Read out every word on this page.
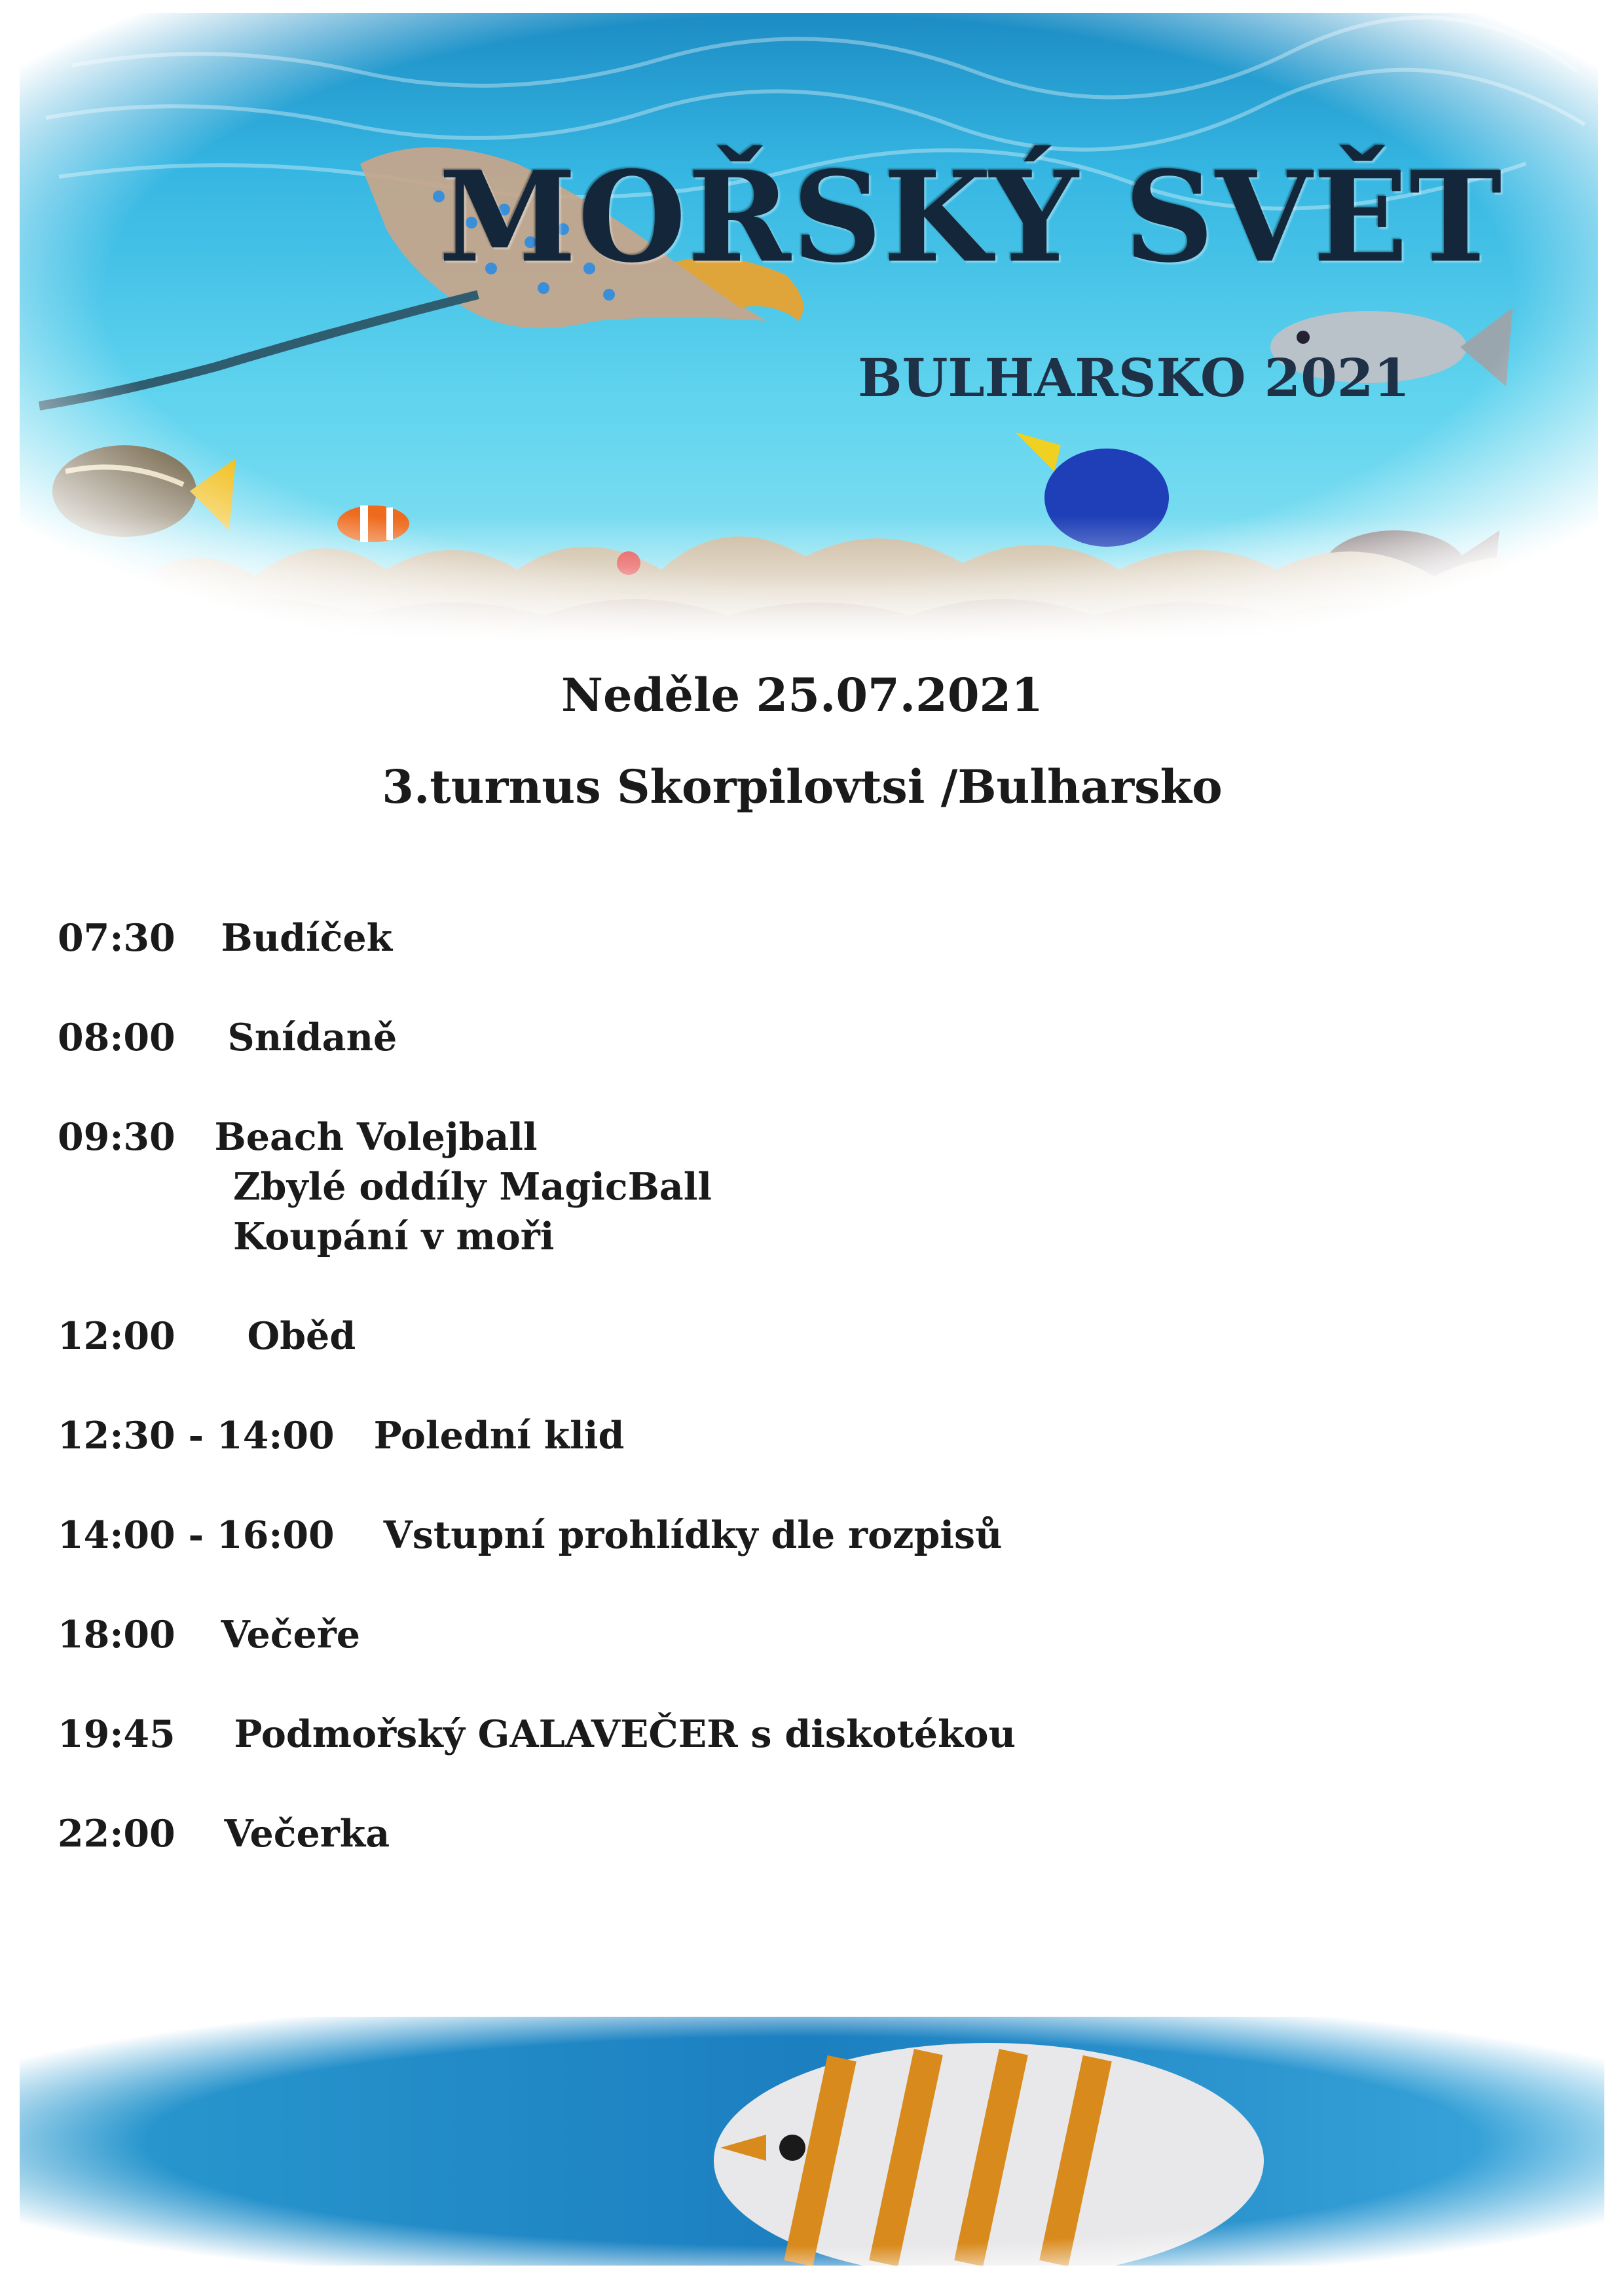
MOŘSKÝ SVĚT
BULHARSKO 2021
Neděle 25.07.2021
3.turnus Skorpilovtsi /Bulharsko
07:30 Budíček
08:00 Snídaně
09:30 Beach Volejball
Zbylé oddíly MagicBall
Koupání v moři
12:00 Oběd
12:30 - 14:00 Polední klid
14:00 - 16:00 Vstupní prohlídky dle rozpisů
18:00 Večeře
19:45 Podmořský GALAVEČER s diskotékou
22:00 Večerka
